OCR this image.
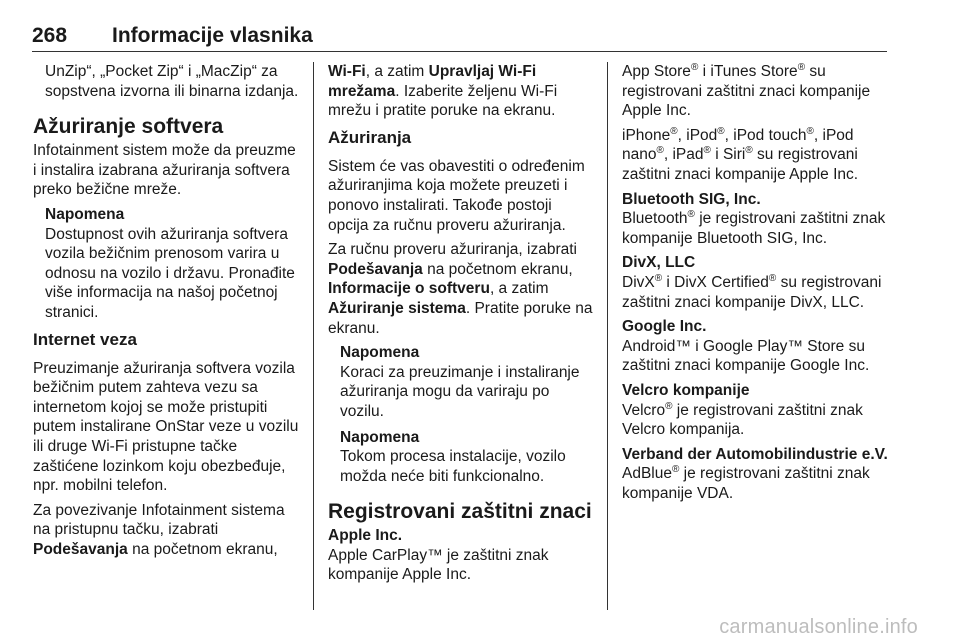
268 Informacije vlasnika

UnZip“, „Pocket Zip“ i „MacZip“ za sopstvena izvorna ili binarna izdanja.

Ažuriranje softvera

Infotainment sistem može da preuzme i instalira izabrana ažuriranja softvera preko bežične mreže.

Napomena

Dostupnost ovih ažuriranja softvera vozila bežičnim prenosom varira u odnosu na vozilo i državu. Pronađite više informacija na našoj početnoj stranici.

Internet veza

Preuzimanje ažuriranja softvera vozila bežičnim putem zahteva vezu sa internetom kojoj se može pristupiti putem instalirane OnStar veze u vozilu ili druge Wi-Fi pristupne tačke zaštićene lozinkom koju obezbeđuje, npr. mobilni telefon.

Za povezivanje Infotainment sistema na pristupnu tačku, izabrati Podešavanja na početnom ekranu,

Wi-Fi, a zatim Upravljaj Wi-Fi mrežama. Izaberite željenu Wi-Fi mrežu i pratite poruke na ekranu.

Ažuriranja

Sistem će vas obavestiti o određenim ažuriranjima koja možete preuzeti i ponovo instalirati. Takođe postoji opcija za ručnu proveru ažuriranja.

Za ručnu proveru ažuriranja, izabrati Podešavanja na početnom ekranu, Informacije o softveru, a zatim Ažuriranje sistema. Pratite poruke na ekranu.

Napomena

Koraci za preuzimanje i instaliranje ažuriranja mogu da variraju po vozilu.

Napomena

Tokom procesa instalacije, vozilo možda neće biti funkcionalno.

Registrovani zaštitni znaci

Apple Inc.

Apple CarPlay™ je zaštitni znak kompanije Apple Inc.

App Store® i iTunes Store® su registrovani zaštitni znaci kompanije Apple Inc.

iPhone®, iPod®, iPod touch®, iPod nano®, iPad® i Siri® su registrovani zaštitni znaci kompanije Apple Inc.

Bluetooth SIG, Inc.

Bluetooth® je registrovani zaštitni znak kompanije Bluetooth SIG, Inc.

DivX, LLC

DivX® i DivX Certified® su registrovani zaštitni znaci kompanije DivX, LLC.

Google Inc.

Android™ i Google Play™ Store su zaštitni znaci kompanije Google Inc.

Velcro kompanije

Velcro® je registrovani zaštitni znak Velcro kompanija.

Verband der Automobilindustrie e.V.

AdBlue® je registrovani zaštitni znak kompanije VDA.

carmanualsonline.info
